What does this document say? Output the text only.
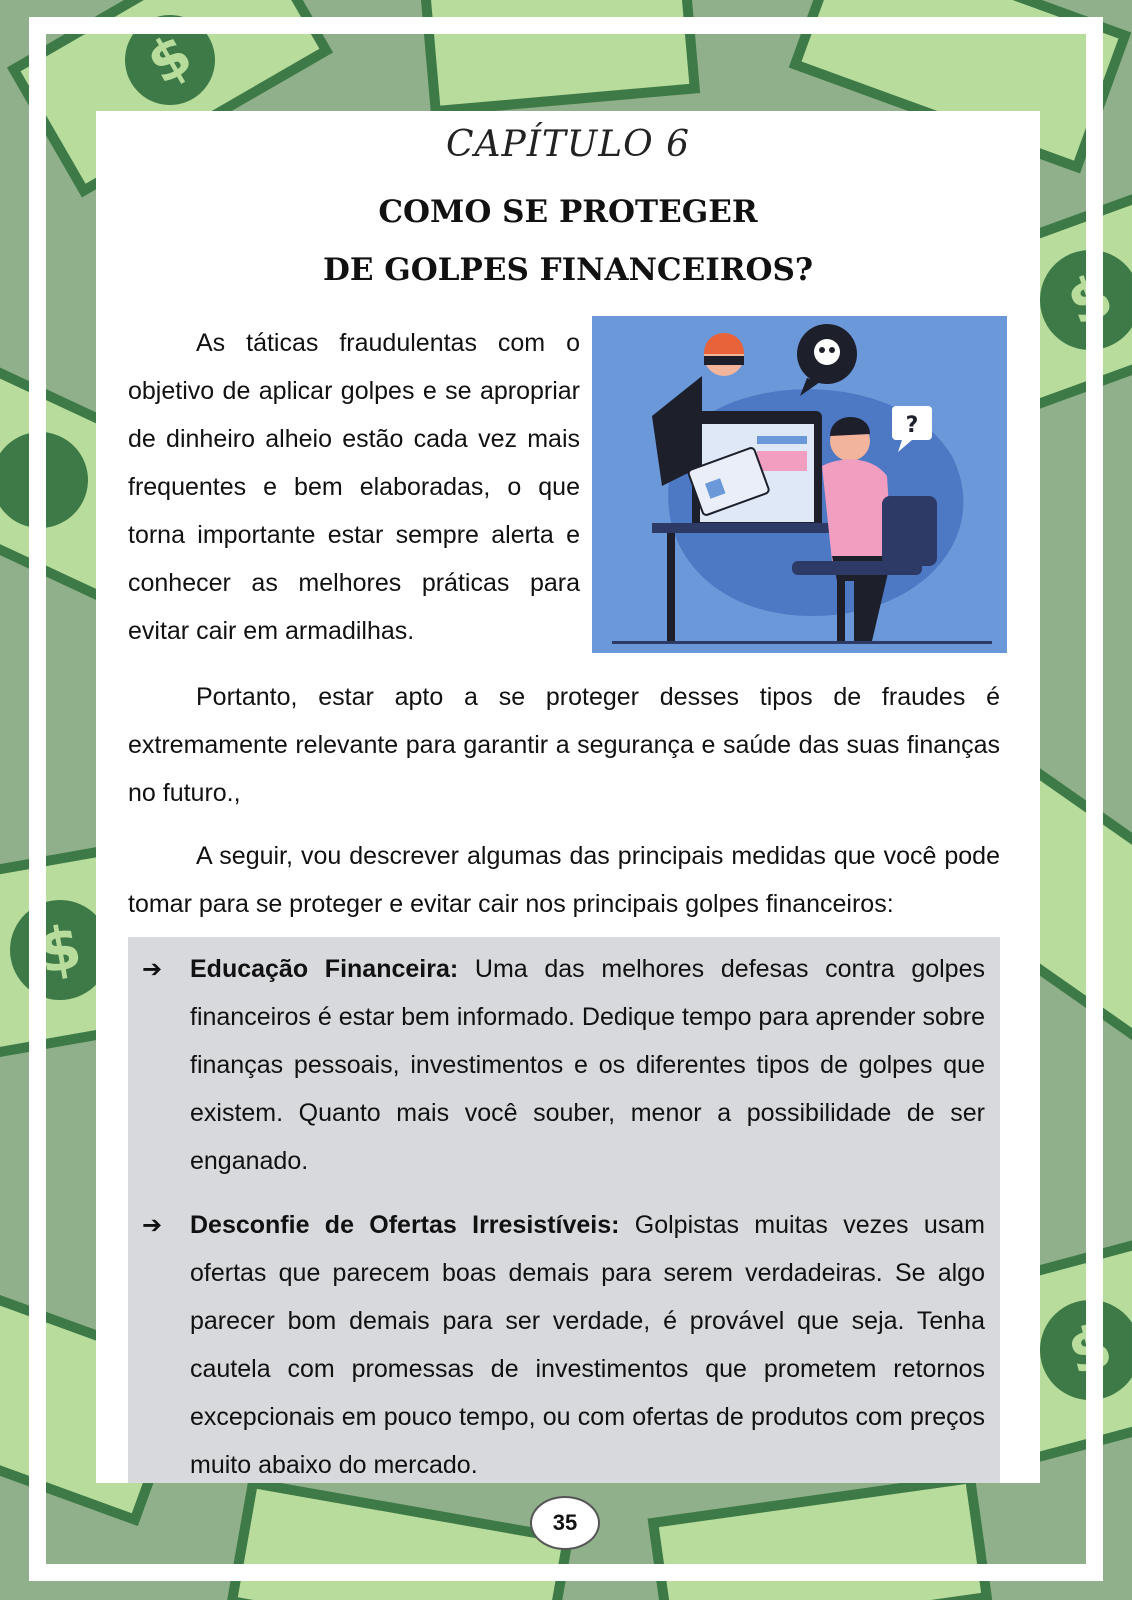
$
$
$
$
CAPÍTULO 6
COMO SE PROTEGER
DE GOLPES FINANCEIROS?

As táticas fraudulentas com o objetivo de aplicar golpes e se apropriar de dinheiro alheio estão cada vez mais frequentes e bem elaboradas, o que torna importante estar sempre alerta e conhecer as melhores práticas para evitar cair em armadilhas.

?

Portanto, estar apto a se proteger desses tipos de fraudes é extremamente relevante para garantir a segurança e saúde das suas finanças no futuro.,

A seguir, vou descrever algumas das principais medidas que você pode tomar para se proteger e evitar cair nos principais golpes financeiros:

➔ Educação Financeira: Uma das melhores defesas contra golpes financeiros é estar bem informado. Dedique tempo para aprender sobre finanças pessoais, investimentos e os diferentes tipos de golpes que existem. Quanto mais você souber, menor a possibilidade de ser enganado.

➔ Desconfie de Ofertas Irresistíveis: Golpistas muitas vezes usam ofertas que parecem boas demais para serem verdadeiras. Se algo parecer bom demais para ser verdade, é provável que seja. Tenha cautela com promessas de investimentos que prometem retornos excepcionais em pouco tempo, ou com ofertas de produtos com preços muito abaixo do mercado.

35
